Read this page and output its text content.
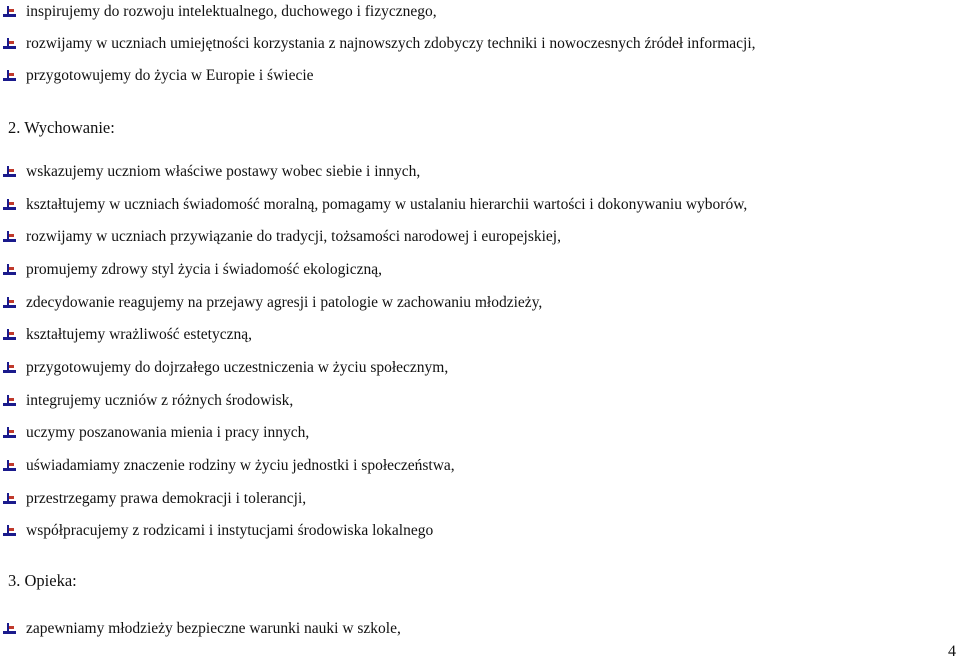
inspirujemy do rozwoju intelektualnego, duchowego i fizycznego,
rozwijamy w uczniach umiejętności korzystania z najnowszych zdobyczy techniki i nowoczesnych źródeł informacji,
przygotowujemy do życia w Europie i świecie
2. Wychowanie:
wskazujemy uczniom właściwe postawy wobec siebie i innych,
kształtujemy w uczniach świadomość moralną, pomagamy w ustalaniu hierarchii wartości i dokonywaniu wyborów,
rozwijamy w uczniach przywiązanie do tradycji, tożsamości narodowej i europejskiej,
promujemy zdrowy styl życia i świadomość ekologiczną,
zdecydowanie reagujemy na przejawy agresji i patologie w zachowaniu młodzieży,
kształtujemy wrażliwość estetyczną,
przygotowujemy do dojrzałego uczestniczenia w życiu społecznym,
integrujemy uczniów z różnych środowisk,
uczymy poszanowania mienia i pracy innych,
uświadamiamy znaczenie rodziny w życiu jednostki i społeczeństwa,
przestrzegamy prawa demokracji i tolerancji,
współpracujemy z rodzicami i instytucjami środowiska lokalnego
3. Opieka:
zapewniamy młodzieży bezpieczne warunki nauki w szkole,
4
